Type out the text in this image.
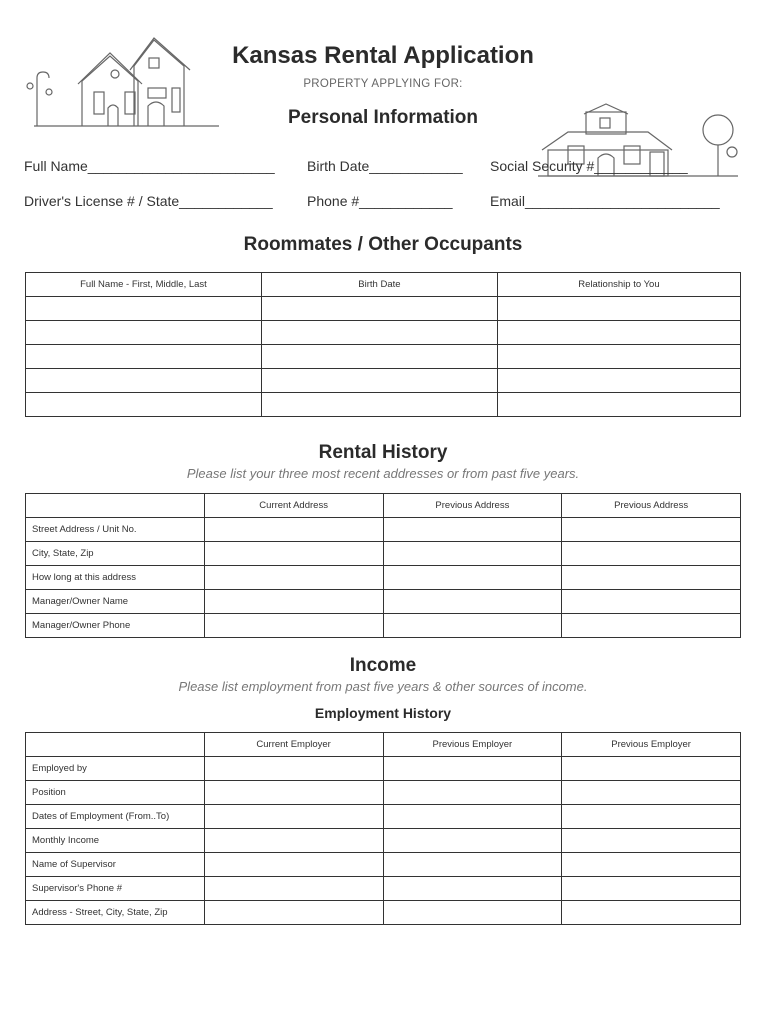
Kansas Rental Application
PROPERTY APPLYING FOR:
Personal Information
Full Name________________________ Birth Date____________ Social Security #____________
Driver's License # / State____________ Phone #____________	Email_________________________
Roommates / Other Occupants
Full Name - First, Middle, Last	Birth Date	Relationship to You

Rental History
Please list your three most recent addresses or from past five years.
	Current Address	Previous Address	Previous Address
Street Address / Unit No.			
City, State, Zip			
How long at this address			
Manager/Owner Name			
Manager/Owner Phone			
Income
Please list employment from past five years & other sources of income.
Employment History
	Current Employer	Previous Employer	Previous Employer
Employed by			
Position			
Dates of Employment (From..To)			
Monthly Income			
Name of Supervisor			
Supervisor's Phone #			
Address - Street, City, State, Zip			
